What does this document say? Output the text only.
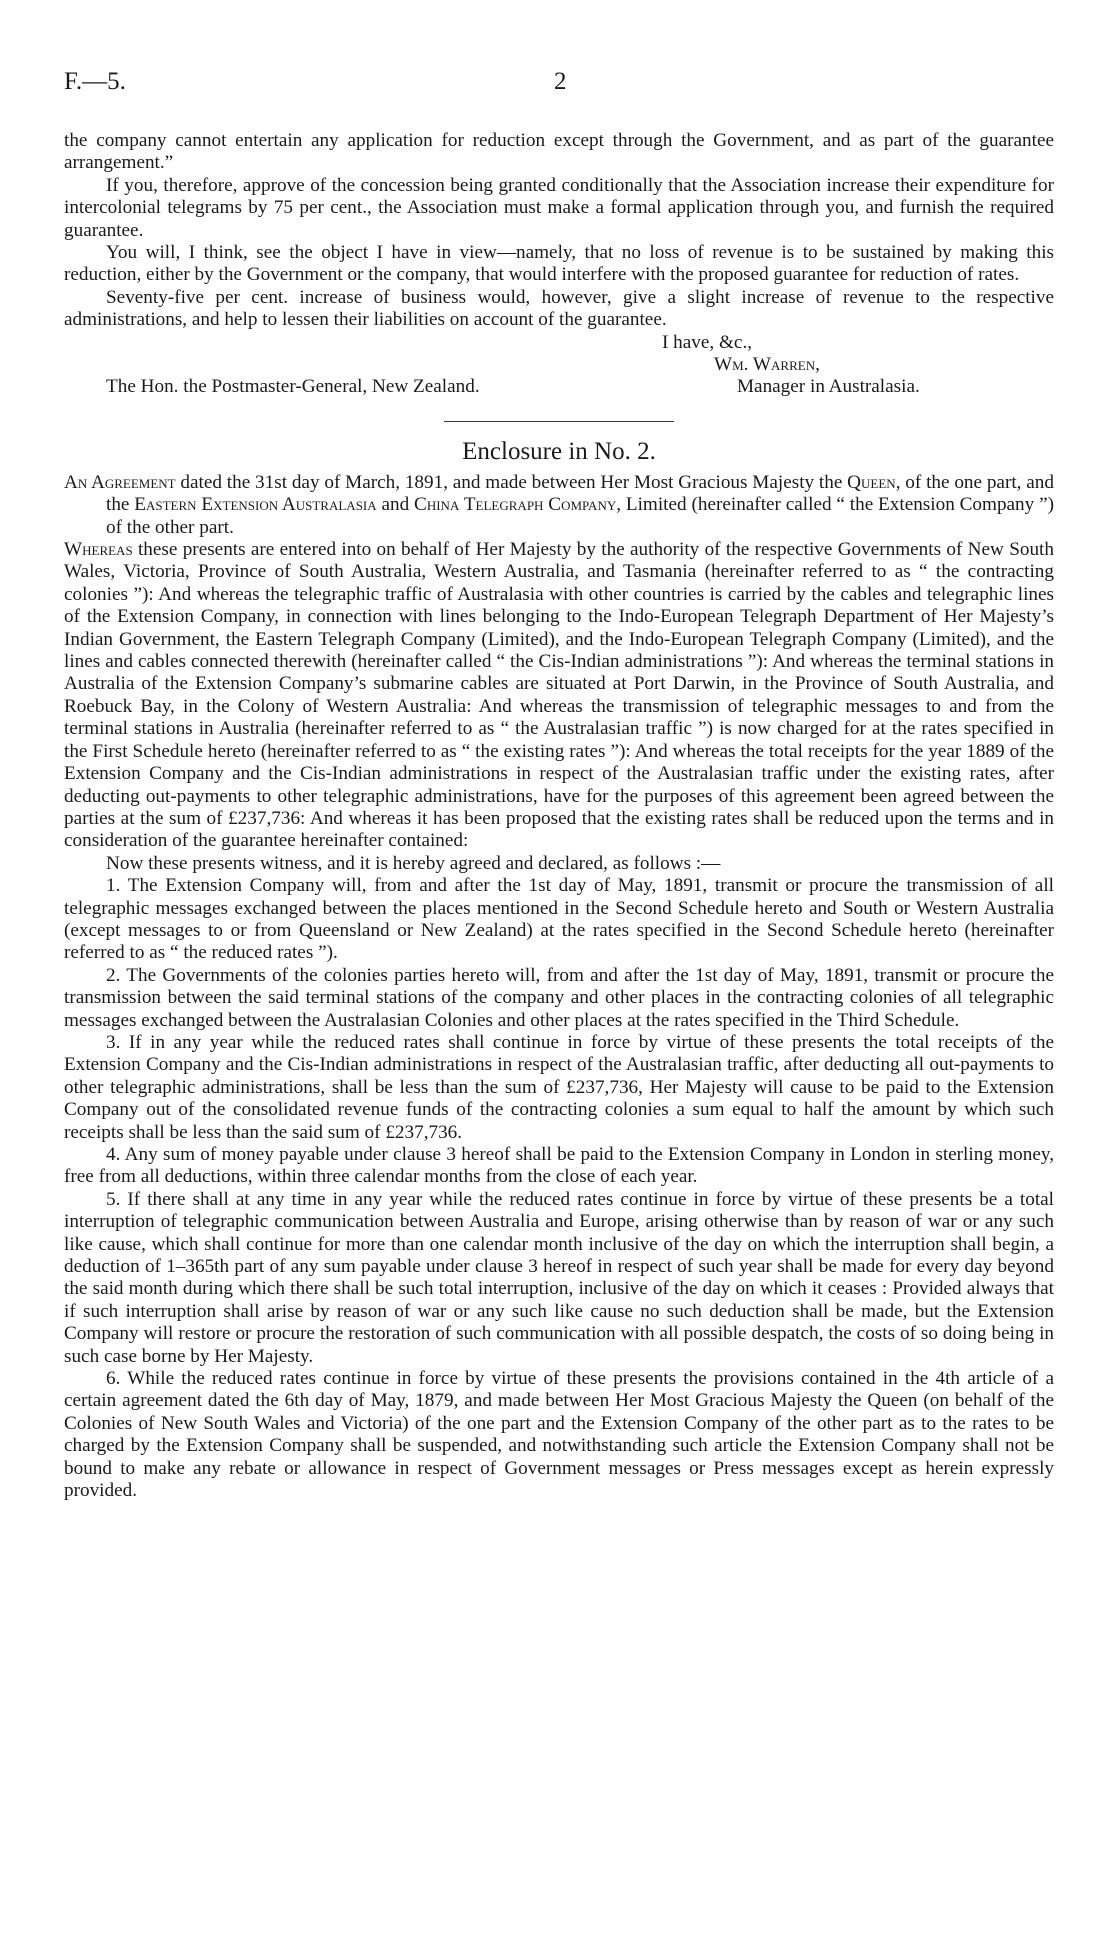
F.—5.	2

the company cannot entertain any application for reduction except through the Government, and as part of the guarantee arrangement.”

If you, therefore, approve of the concession being granted conditionally that the Association increase their expenditure for intercolonial telegrams by 75 per cent., the Association must make a formal application through you, and furnish the required guarantee.

You will, I think, see the object I have in view—namely, that no loss of revenue is to be sustained by making this reduction, either by the Government or the company, that would interfere with the proposed guarantee for reduction of rates.

Seventy-five per cent. increase of business would, however, give a slight increase of revenue to the respective administrations, and help to lessen their liabilities on account of the guarantee.

I have, &c.,
Wm. Warren,
The Hon. the Postmaster-General, New Zealand.	Manager in Australasia.
Enclosure in No. 2.

An Agreement dated the 31st day of March, 1891, and made between Her Most Gracious Majesty the Queen, of the one part, and the Eastern Extension Australasia and China Telegraph Company, Limited (hereinafter called “ the Extension Company ”) of the other part.

Whereas these presents are entered into on behalf of Her Majesty by the authority of the respective Governments of New South Wales, Victoria, Province of South Australia, Western Australia, and Tasmania (hereinafter referred to as “ the contracting colonies ”): And whereas the telegraphic traffic of Australasia with other countries is carried by the cables and telegraphic lines of the Extension Company, in connection with lines belonging to the Indo-European Telegraph Department of Her Majesty’s Indian Government, the Eastern Telegraph Company (Limited), and the Indo-European Telegraph Company (Limited), and the lines and cables connected therewith (hereinafter called “ the Cis-Indian administrations ”): And whereas the terminal stations in Australia of the Extension Company’s submarine cables are situated at Port Darwin, in the Province of South Australia, and Roebuck Bay, in the Colony of Western Australia: And whereas the transmission of telegraphic messages to and from the terminal stations in Australia (hereinafter referred to as “ the Australasian traffic ”) is now charged for at the rates specified in the First Schedule hereto (hereinafter referred to as “ the existing rates ”): And whereas the total receipts for the year 1889 of the Extension Company and the Cis-Indian administrations in respect of the Australasian traffic under the existing rates, after deducting out-payments to other telegraphic administrations, have for the purposes of this agreement been agreed between the parties at the sum of £237,736: And whereas it has been proposed that the existing rates shall be reduced upon the terms and in consideration of the guarantee hereinafter contained:

Now these presents witness, and it is hereby agreed and declared, as follows :—

1. The Extension Company will, from and after the 1st day of May, 1891, transmit or procure the transmission of all telegraphic messages exchanged between the places mentioned in the Second Schedule hereto and South or Western Australia (except messages to or from Queensland or New Zealand) at the rates specified in the Second Schedule hereto (hereinafter referred to as “ the reduced rates ”).

2. The Governments of the colonies parties hereto will, from and after the 1st day of May, 1891, transmit or procure the transmission between the said terminal stations of the company and other places in the contracting colonies of all telegraphic messages exchanged between the Australasian Colonies and other places at the rates specified in the Third Schedule.

3. If in any year while the reduced rates shall continue in force by virtue of these presents the total receipts of the Extension Company and the Cis-Indian administrations in respect of the Australasian traffic, after deducting all out-payments to other telegraphic administrations, shall be less than the sum of £237,736, Her Majesty will cause to be paid to the Extension Company out of the consolidated revenue funds of the contracting colonies a sum equal to half the amount by which such receipts shall be less than the said sum of £237,736.

4. Any sum of money payable under clause 3 hereof shall be paid to the Extension Company in London in sterling money, free from all deductions, within three calendar months from the close of each year.

5. If there shall at any time in any year while the reduced rates continue in force by virtue of these presents be a total interruption of telegraphic communication between Australia and Europe, arising otherwise than by reason of war or any such like cause, which shall continue for more than one calendar month inclusive of the day on which the interruption shall begin, a deduction of 1–365th part of any sum payable under clause 3 hereof in respect of such year shall be made for every day beyond the said month during which there shall be such total interruption, inclusive of the day on which it ceases : Provided always that if such interruption shall arise by reason of war or any such like cause no such deduction shall be made, but the Extension Company will restore or procure the restoration of such communication with all possible despatch, the costs of so doing being in such case borne by Her Majesty.

6. While the reduced rates continue in force by virtue of these presents the provisions contained in the 4th article of a certain agreement dated the 6th day of May, 1879, and made between Her Most Gracious Majesty the Queen (on behalf of the Colonies of New South Wales and Victoria) of the one part and the Extension Company of the other part as to the rates to be charged by the Extension Company shall be suspended, and notwithstanding such article the Extension Company shall not be bound to make any rebate or allowance in respect of Government messages or Press messages except as herein expressly provided.
